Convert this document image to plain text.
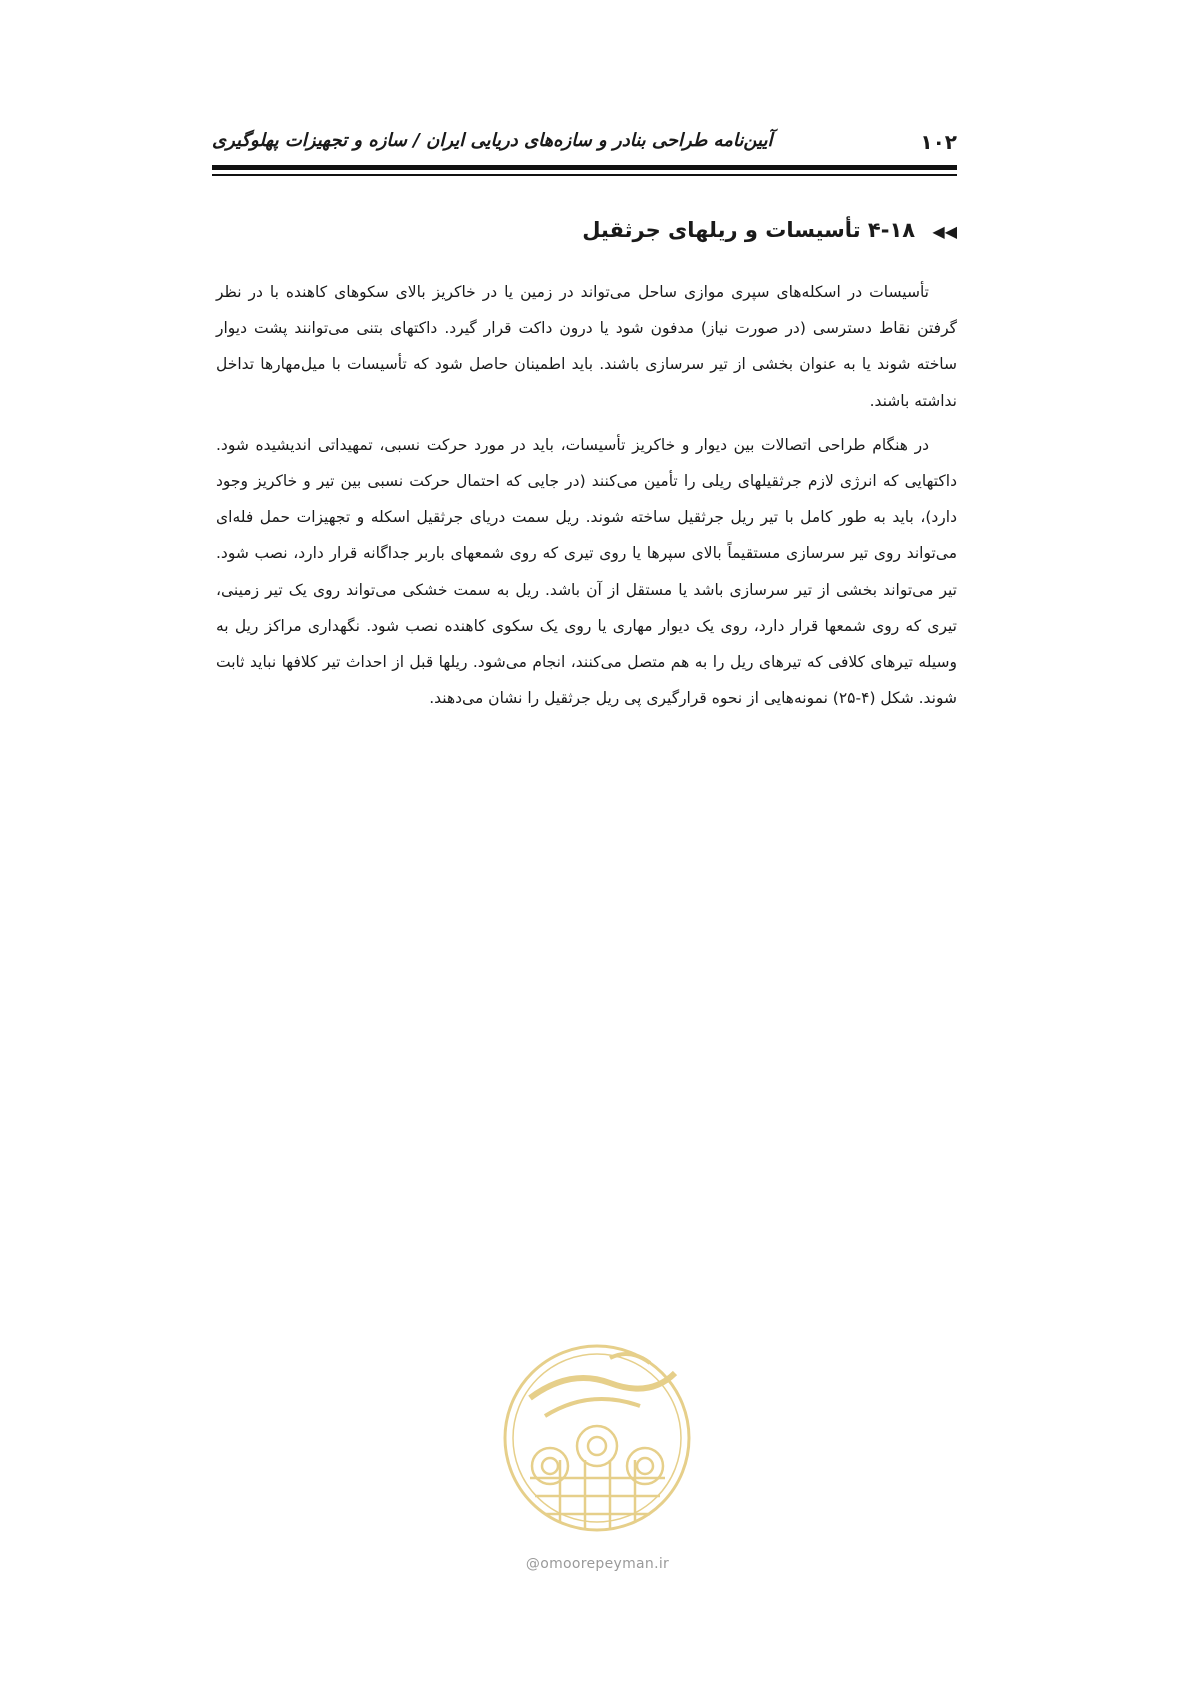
۱۰۲
آیین‌نامه طراحی بنادر و سازه‌های دریایی ایران / سازه و تجهیزات پهلوگیری
◀◀ ۴-۱۸ تأسیسات و ریلهای جرثقیل

تأسیسات در اسکله‌های سپری موازی ساحل می‌تواند در زمین یا در خاکریز بالای سکوهای کاهنده با در نظر گرفتن نقاط دسترسی (در صورت نیاز) مدفون شود یا درون داکت قرار گیرد. داکتهای بتنی می‌توانند پشت دیوار ساخته شوند یا به عنوان بخشی از تیر سرسازی باشند. باید اطمینان حاصل شود که تأسیسات با میل‌مهارها تداخل نداشته باشند.

در هنگام طراحی اتصالات بین دیوار و خاکریز تأسیسات، باید در مورد حرکت نسبی، تمهیداتی اندیشیده شود. داکتهایی که انرژی لازم جرثقیلهای ریلی را تأمین می‌کنند (در جایی که احتمال حرکت نسبی بین تیر و خاکریز وجود دارد)، باید به طور کامل با تیر ریل جرثقیل ساخته شوند. ریل سمت دریای جرثقیل اسکله و تجهیزات حمل فله‌ای می‌تواند روی تیر سرسازی مستقیماً بالای سپرها یا روی تیری که روی شمعهای باربر جداگانه قرار دارد، نصب شود. تیر می‌تواند بخشی از تیر سرسازی باشد یا مستقل از آن باشد. ریل به سمت خشکی می‌تواند روی یک تیر زمینی، تیری که روی شمعها قرار دارد، روی یک دیوار مهاری یا روی یک سکوی کاهنده نصب شود. نگهداری مراکز ریل به وسیله تیرهای کلافی که تیرهای ریل را به هم متصل می‌کنند، انجام می‌شود. ریلها قبل از احداث تیر کلافها نباید ثابت شوند. شکل (۴-۲۵) نمونه‌هایی از نحوه قرارگیری پی ریل جرثقیل را نشان می‌دهند.

@omoorepeyman.ir
